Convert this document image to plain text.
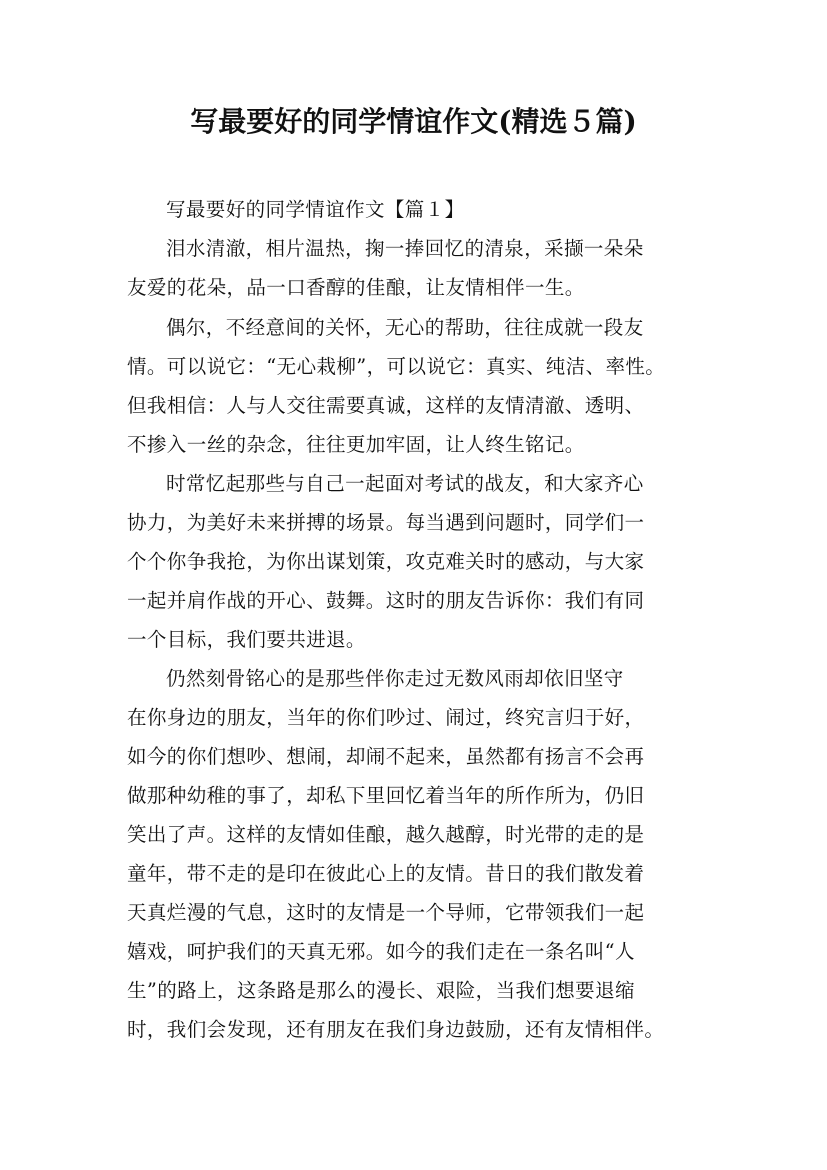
写最要好的同学情谊作文(精选５篇)
写最要好的同学情谊作文【篇１】
泪水清澈，相片温热，掬一捧回忆的清泉，采撷一朵朵
友爱的花朵，品一口香醇的佳酿，让友情相伴一生。
偶尔，不经意间的关怀，无心的帮助，往往成就一段友
情。可以说它：“无心栽柳”，可以说它：真实、纯洁、率性。
但我相信：人与人交往需要真诚，这样的友情清澈、透明、
不掺入一丝的杂念，往往更加牢固，让人终生铭记。
时常忆起那些与自己一起面对考试的战友，和大家齐心
协力，为美好未来拼搏的场景。每当遇到问题时，同学们一
个个你争我抢，为你出谋划策，攻克难关时的感动，与大家
一起并肩作战的开心、鼓舞。这时的朋友告诉你：我们有同
一个目标，我们要共进退。
仍然刻骨铭心的是那些伴你走过无数风雨却依旧坚守
在你身边的朋友，当年的你们吵过、闹过，终究言归于好，
如今的你们想吵、想闹，却闹不起来，虽然都有扬言不会再
做那种幼稚的事了，却私下里回忆着当年的所作所为，仍旧
笑出了声。这样的友情如佳酿，越久越醇，时光带的走的是
童年，带不走的是印在彼此心上的友情。昔日的我们散发着
天真烂漫的气息，这时的友情是一个导师，它带领我们一起
嬉戏，呵护我们的天真无邪。如今的我们走在一条名叫“人
生”的路上，这条路是那么的漫长、艰险，当我们想要退缩
时，我们会发现，还有朋友在我们身边鼓励，还有友情相伴。
